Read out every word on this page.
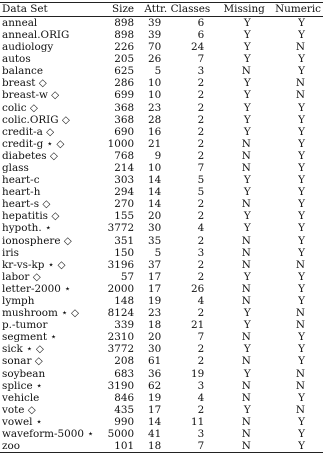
Data Set	Size	Attr.	Classes	Missing	Numeric
anneal	898	39	6	Y	Y
anneal.ORIG	898	39	6	Y	Y
audiology	226	70	24	Y	N
autos	205	26	7	Y	Y
balance	625	5	3	N	Y
breast ◇	286	10	2	Y	N
breast-w ◇	699	10	2	Y	N
colic ◇	368	23	2	Y	Y
colic.ORIG ◇	368	28	2	Y	Y
credit-a ◇	690	16	2	Y	Y
credit-g ⋆ ◇	1000	21	2	N	Y
diabetes ◇	768	9	2	N	Y
glass	214	10	7	N	Y
heart-c	303	14	5	Y	Y
heart-h	294	14	5	Y	Y
heart-s ◇	270	14	2	N	Y
hepatitis ◇	155	20	2	Y	Y
hypoth. ⋆	3772	30	4	Y	Y
ionosphere ◇	351	35	2	N	Y
iris	150	5	3	N	Y
kr-vs-kp ⋆ ◇	3196	37	2	N	N
labor ◇	57	17	2	Y	Y
letter-2000 ⋆	2000	17	26	N	Y
lymph	148	19	4	N	Y
mushroom ⋆ ◇	8124	23	2	Y	N
p.-tumor	339	18	21	Y	N
segment ⋆	2310	20	7	N	Y
sick ⋆ ◇	3772	30	2	Y	Y
sonar ◇	208	61	2	N	Y
soybean	683	36	19	Y	N
splice ⋆	3190	62	3	N	N
vehicle	846	19	4	N	Y
vote ◇	435	17	2	Y	N
vowel ⋆	990	14	11	N	Y
waveform-5000 ⋆	5000	41	3	N	Y
zoo	101	18	7	N	Y
